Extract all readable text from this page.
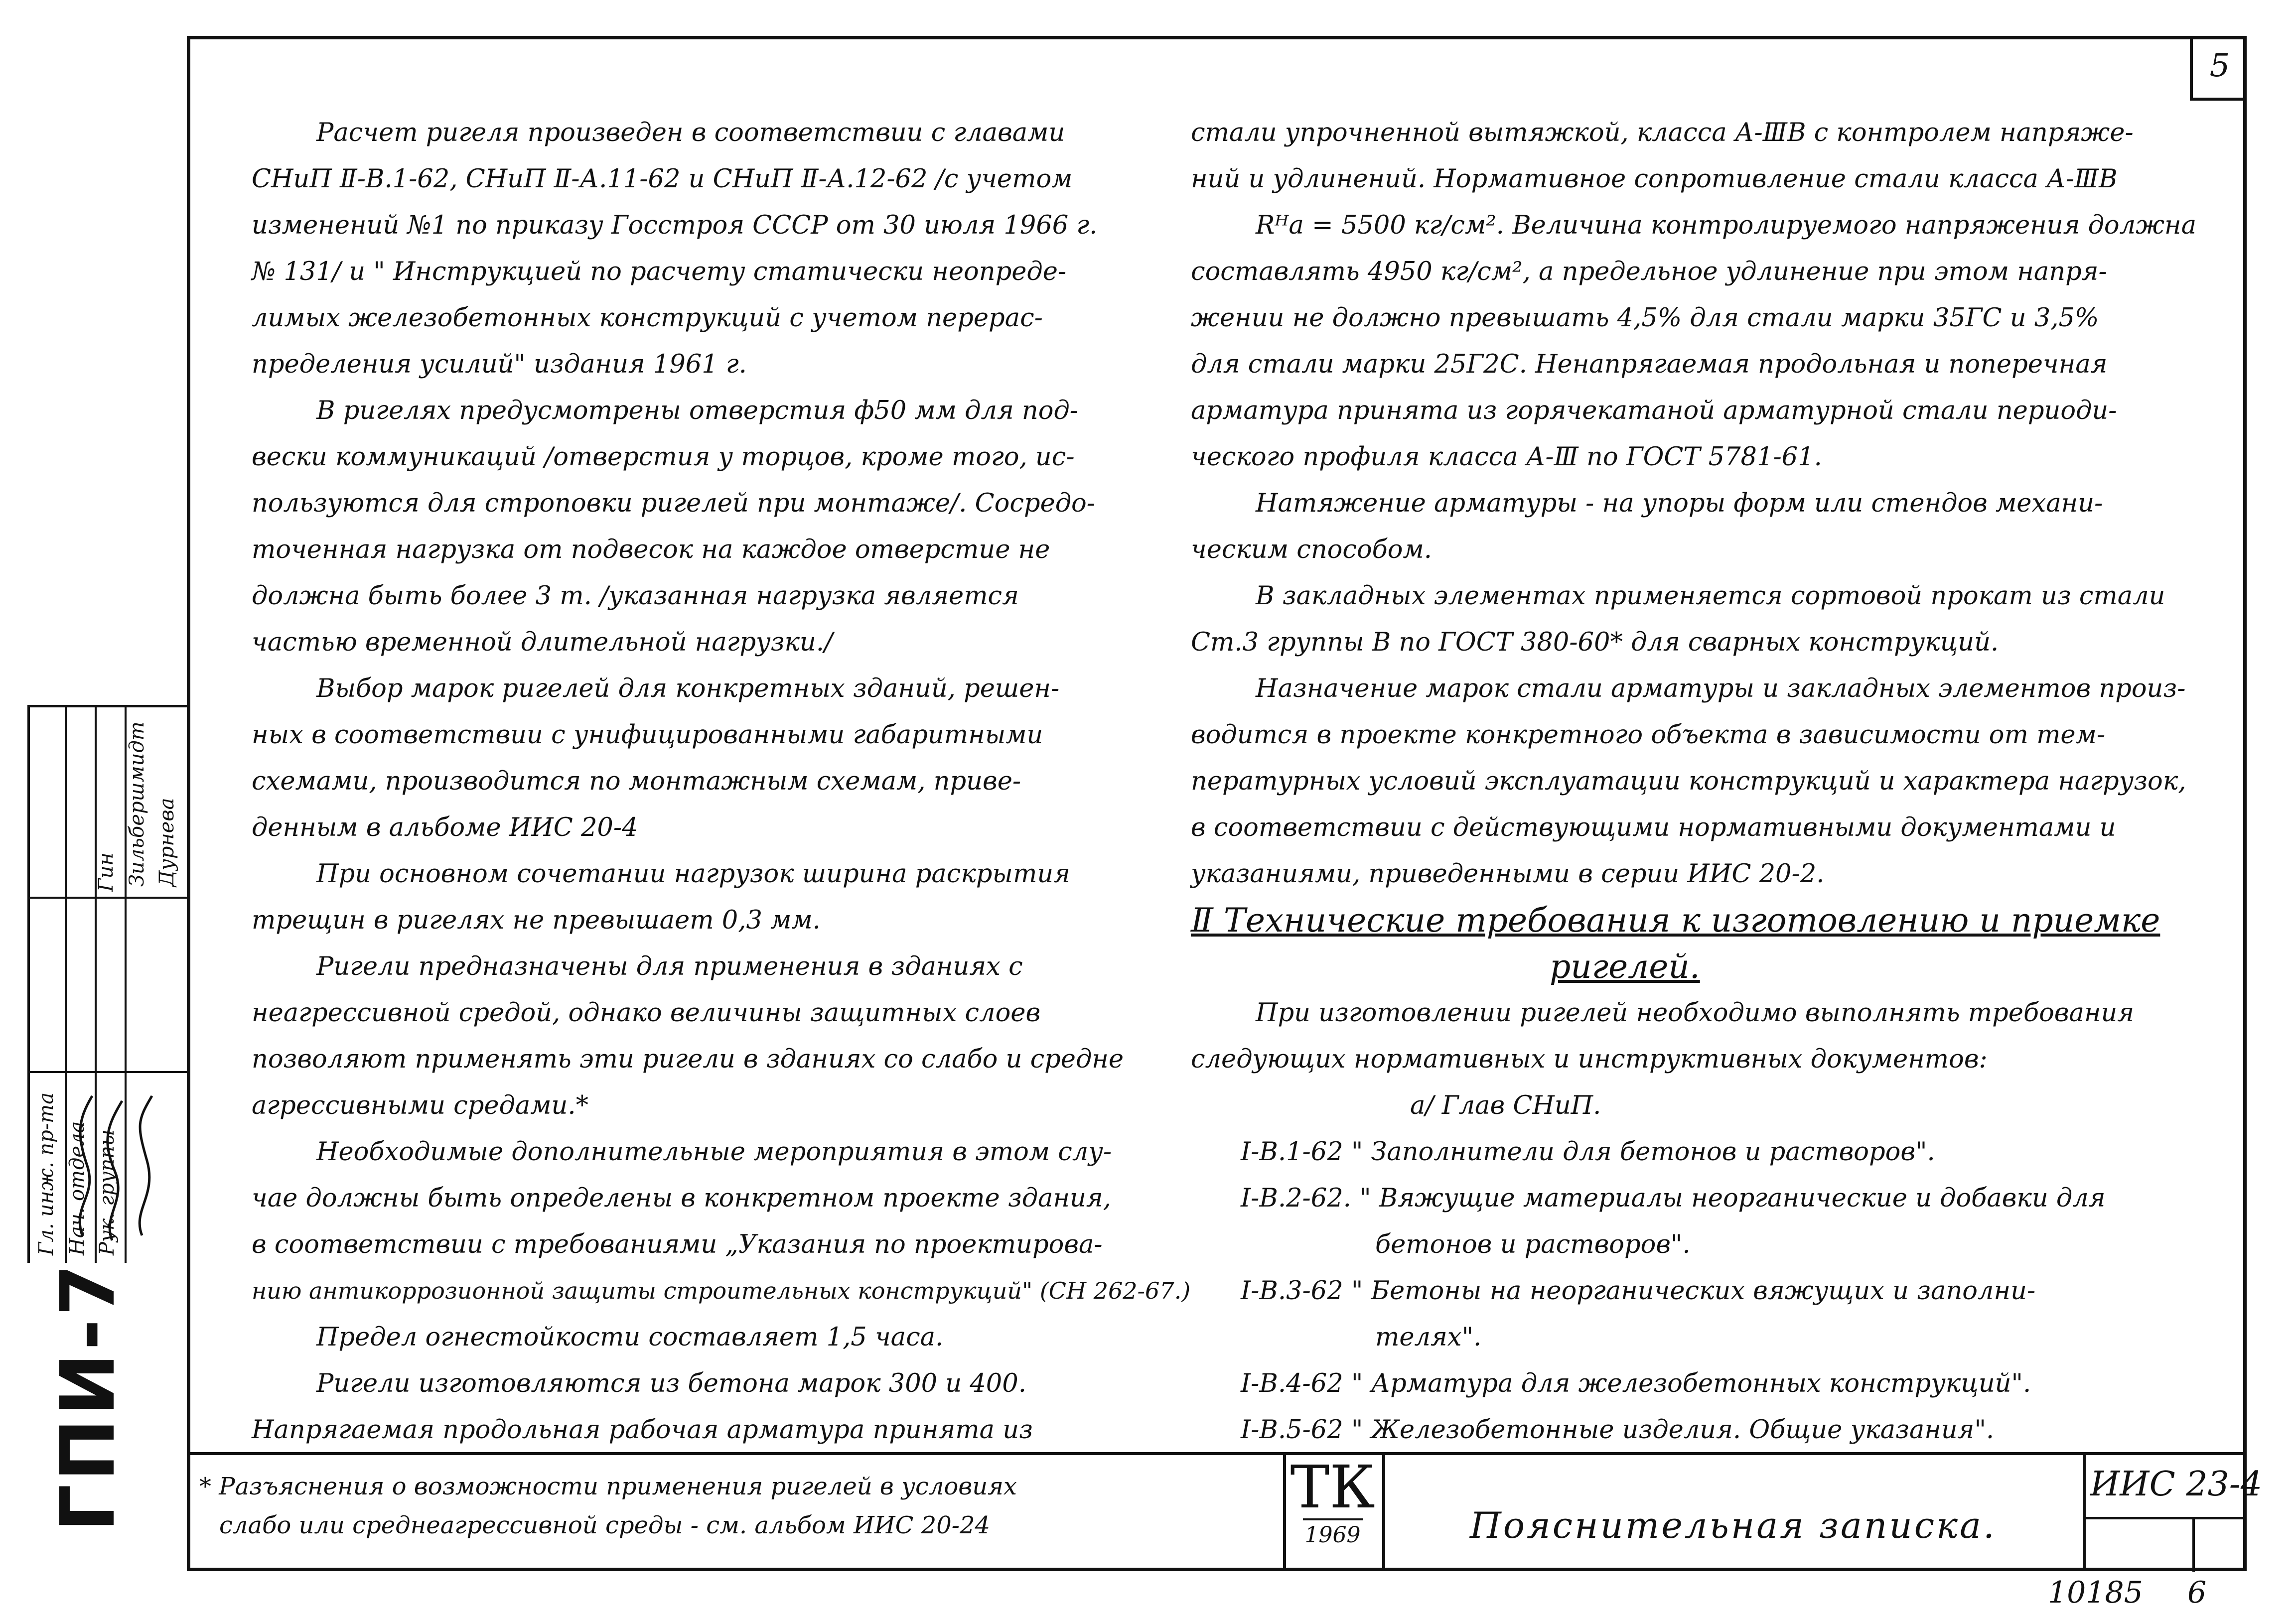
5

Расчет ригеля произведен в соответствии с главами

СНиП Ⅱ-В.1-62, СНиП Ⅱ-А.11-62 и СНиП Ⅱ-А.12-62 /с учетом

изменений №1 по приказу Госстроя СССР от 30 июля 1966 г.

№ 131/ и " Инструкцией по расчету статически неопреде-

лимых железобетонных конструкций с учетом перерас-

пределения усилий" издания 1961 г.

В ригелях предусмотрены отверстия ф50 мм для под-

вески коммуникаций /отверстия у торцов, кроме того, ис-

пользуются для строповки ригелей при монтаже/. Сосредо-

точенная нагрузка от подвесок на каждое отверстие не

должна быть более 3 т. /указанная нагрузка является

частью временной длительной нагрузки./

Выбор марок ригелей для конкретных зданий, решен-

ных в соответствии с унифицированными габаритными

схемами, производится по монтажным схемам, приве-

денным в альбоме ИИС 20-4

При основном сочетании нагрузок ширина раскрытия

трещин в ригелях не превышает 0,3 мм.

Ригели предназначены для применения в зданиях с

неагрессивной средой, однако величины защитных слоев

позволяют применять эти ригели в зданиях со слабо и средне

агрессивными средами.*

Необходимые дополнительные мероприятия в этом слу-

чае должны быть определены в конкретном проекте здания,

в соответствии с требованиями „Указания по проектирова-

нию антикоррозионной защиты строительных конструкций" (СН 262-67.)

Предел огнестойкости составляет 1,5 часа.

Ригели изготовляются из бетона марок 300 и 400.

Напрягаемая продольная рабочая арматура принята из

стали упрочненной вытяжкой, класса А-ⅢВ с контролем напряже-

ний и удлинений. Нормативное сопротивление стали класса А-ⅢВ

Rᴴa = 5500 кг/см². Величина контролируемого напряжения должна

составлять 4950 кг/см², а предельное удлинение при этом напря-

жении не должно превышать 4,5% для стали марки 35ГС и 3,5%

для стали марки 25Г2С. Ненапрягаемая продольная и поперечная

арматура принята из горячекатаной арматурной стали периоди-

ческого профиля класса А-Ⅲ по ГОСТ 5781-61.

Натяжение арматуры - на упоры форм или стендов механи-

ческим способом.

В закладных элементах применяется сортовой прокат из стали

Ст.3 группы В по ГОСТ 380-60* для сварных конструкций.

Назначение марок стали арматуры и закладных элементов произ-

водится в проекте конкретного объекта в зависимости от тем-

пературных условий эксплуатации конструкций и характера нагрузок,

в соответствии с действующими нормативными документами и

указаниями, приведенными в серии ИИС 20-2.

Ⅱ Технические требования к изготовлению и приемке

ригелей.

При изготовлении ригелей необходимо выполнять требования

следующих нормативных и инструктивных документов:

а/ Глав СНиП.

Ⅰ-В.1-62 " Заполнители для бетонов и растворов".

Ⅰ-В.2-62. " Вяжущие материалы неорганические и добавки для

бетонов и растворов".

Ⅰ-В.3-62 " Бетоны на неорганических вяжущих и заполни-

телях".

Ⅰ-В.4-62 " Арматура для железобетонных конструкций".

Ⅰ-В.5-62 " Железобетонные изделия. Общие указания".

Гл. инж. пр-та Нач. отдела Рук. группы
Гин Зильбершмидт Дурнева
ГПИ-7	* Разъяснения о возможности применения ригелей в условиях
слабо или среднеагрессивной среды - см. альбом ИИС 20-24
ТК
1969	Пояснительная записка.
ИИС 23-4
10185 6
